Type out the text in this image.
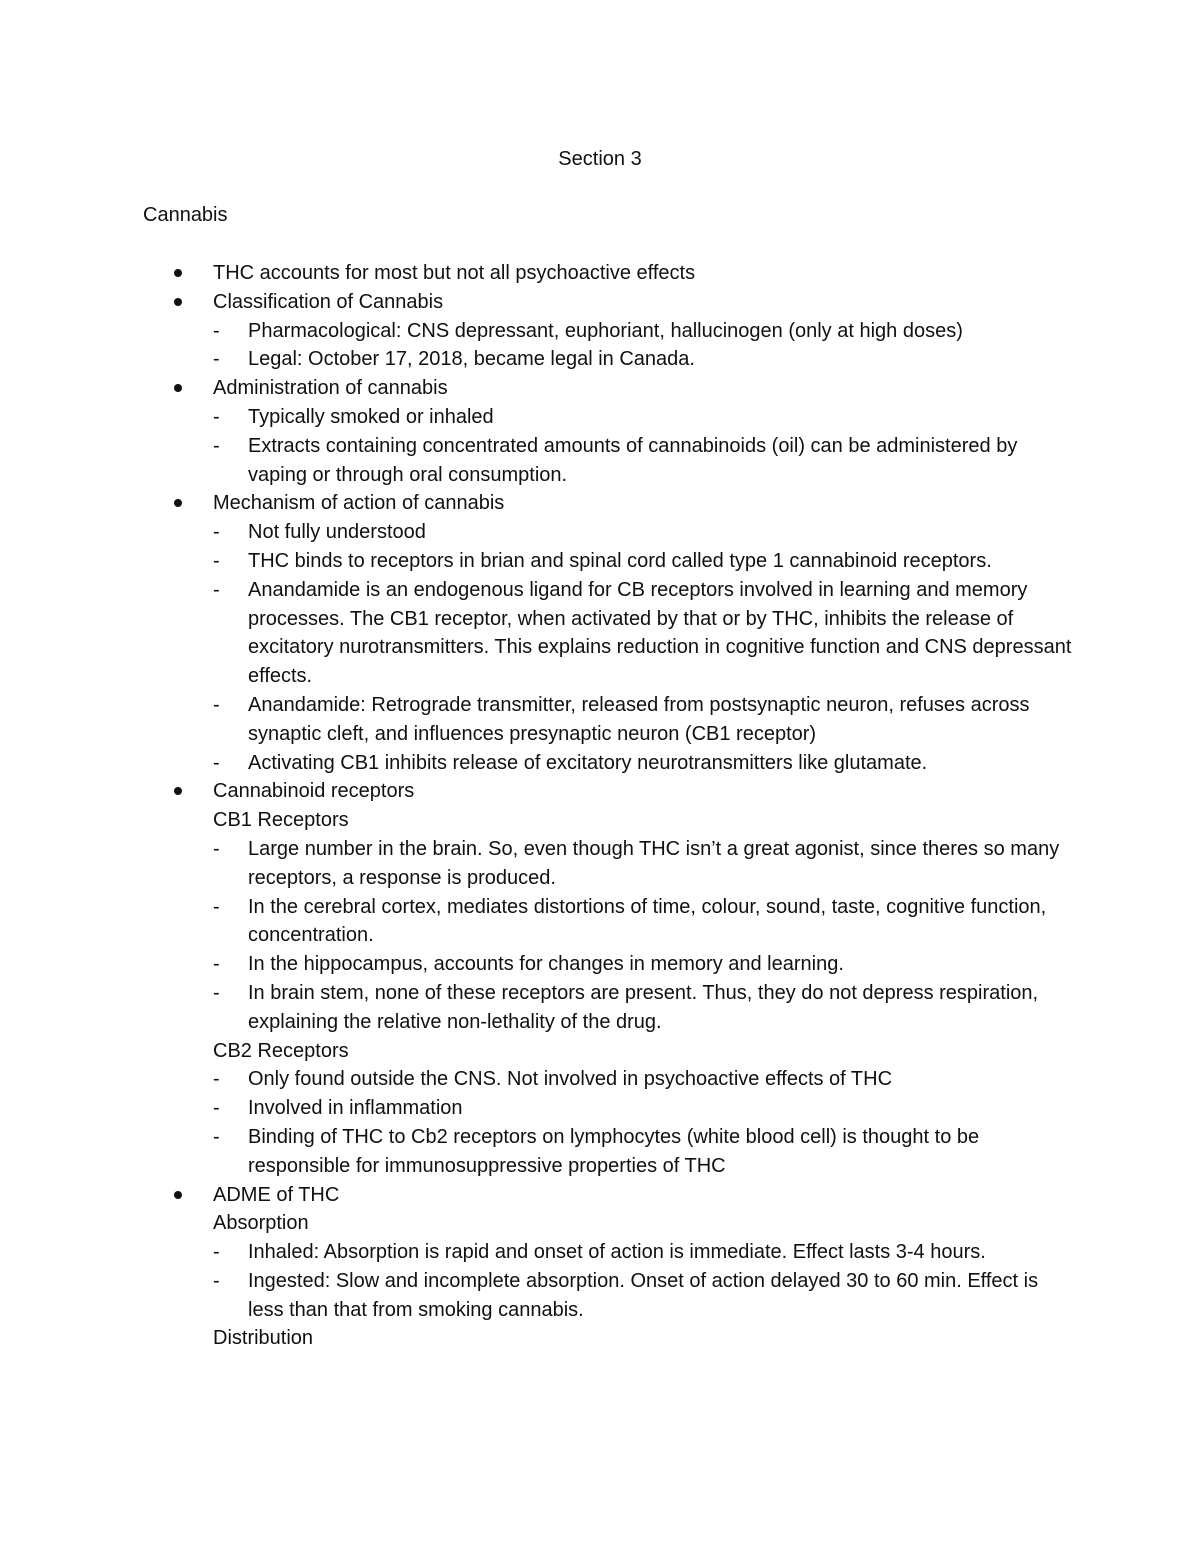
Section 3
Cannabis
THC accounts for most but not all psychoactive effects
Classification of Cannabis
- Pharmacological: CNS depressant, euphoriant, hallucinogen (only at high doses)
- Legal: October 17, 2018, became legal in Canada.
Administration of cannabis
- Typically smoked or inhaled
- Extracts containing concentrated amounts of cannabinoids (oil) can be administered by vaping or through oral consumption.
Mechanism of action of cannabis
- Not fully understood
- THC binds to receptors in brian and spinal cord called type 1 cannabinoid receptors.
- Anandamide is an endogenous ligand for CB receptors involved in learning and memory processes. The CB1 receptor, when activated by that or by THC, inhibits the release of excitatory nurotransmitters. This explains reduction in cognitive function and CNS depressant effects.
- Anandamide: Retrograde transmitter, released from postsynaptic neuron, refuses across synaptic cleft, and influences presynaptic neuron (CB1 receptor)
- Activating CB1 inhibits release of excitatory neurotransmitters like glutamate.
Cannabinoid receptors
CB1 Receptors
- Large number in the brain. So, even though THC isn’t a great agonist, since theres so many receptors, a response is produced.
- In the cerebral cortex, mediates distortions of time, colour, sound, taste, cognitive function, concentration.
- In the hippocampus, accounts for changes in memory and learning.
- In brain stem, none of these receptors are present. Thus, they do not depress respiration, explaining the relative non-lethality of the drug.
CB2 Receptors
- Only found outside the CNS. Not involved in psychoactive effects of THC
- Involved in inflammation
- Binding of THC to Cb2 receptors on lymphocytes (white blood cell) is thought to be responsible for immunosuppressive properties of THC
ADME of THC
Absorption
- Inhaled: Absorption is rapid and onset of action is immediate. Effect lasts 3-4 hours.
- Ingested: Slow and incomplete absorption. Onset of action delayed 30 to 60 min. Effect is less than that from smoking cannabis.
Distribution
